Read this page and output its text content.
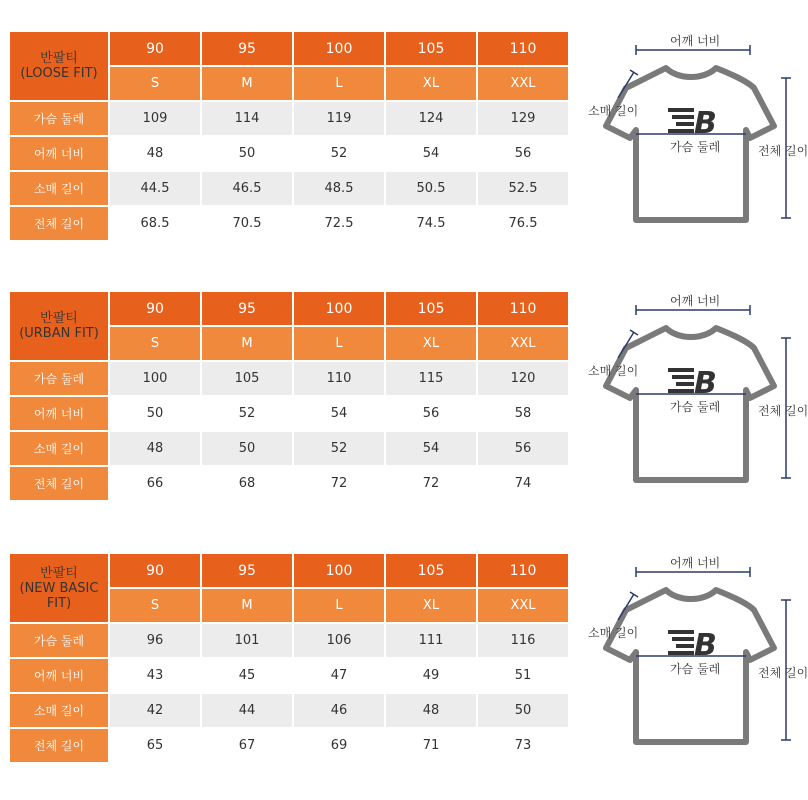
반팔티
(LOOSE FIT)	90	95	100	105	110
	S	M	L	XL	XXL
가슴 둘레	109	114	119	124	129
어깨 너비	48	50	52	54	56
소매 길이	44.5	46.5	48.5	50.5	52.5
전체 길이	68.5	70.5	72.5	74.5	76.5
B
어깨 너비
소매 길이
가슴 둘레	전체 길이
반팔티
(URBAN FIT)	90	95	100	105	110
	S	M	L	XL	XXL
가슴 둘레	100	105	110	115	120
어깨 너비	50	52	54	56	58
소매 길이	48	50	52	54	56
전체 길이	66	68	72	72	74
B
어깨 너비
소매 길이
가슴 둘레	전체 길이
반팔티
(NEW BASIC FIT)	90	95	100	105	110
	S	M	L	XL	XXL
가슴 둘레	96	101	106	111	116
어깨 너비	43	45	47	49	51
소매 길이	42	44	46	48	50
전체 길이	65	67	69	71	73
B
어깨 너비
소매 길이
가슴 둘레	전체 길이
